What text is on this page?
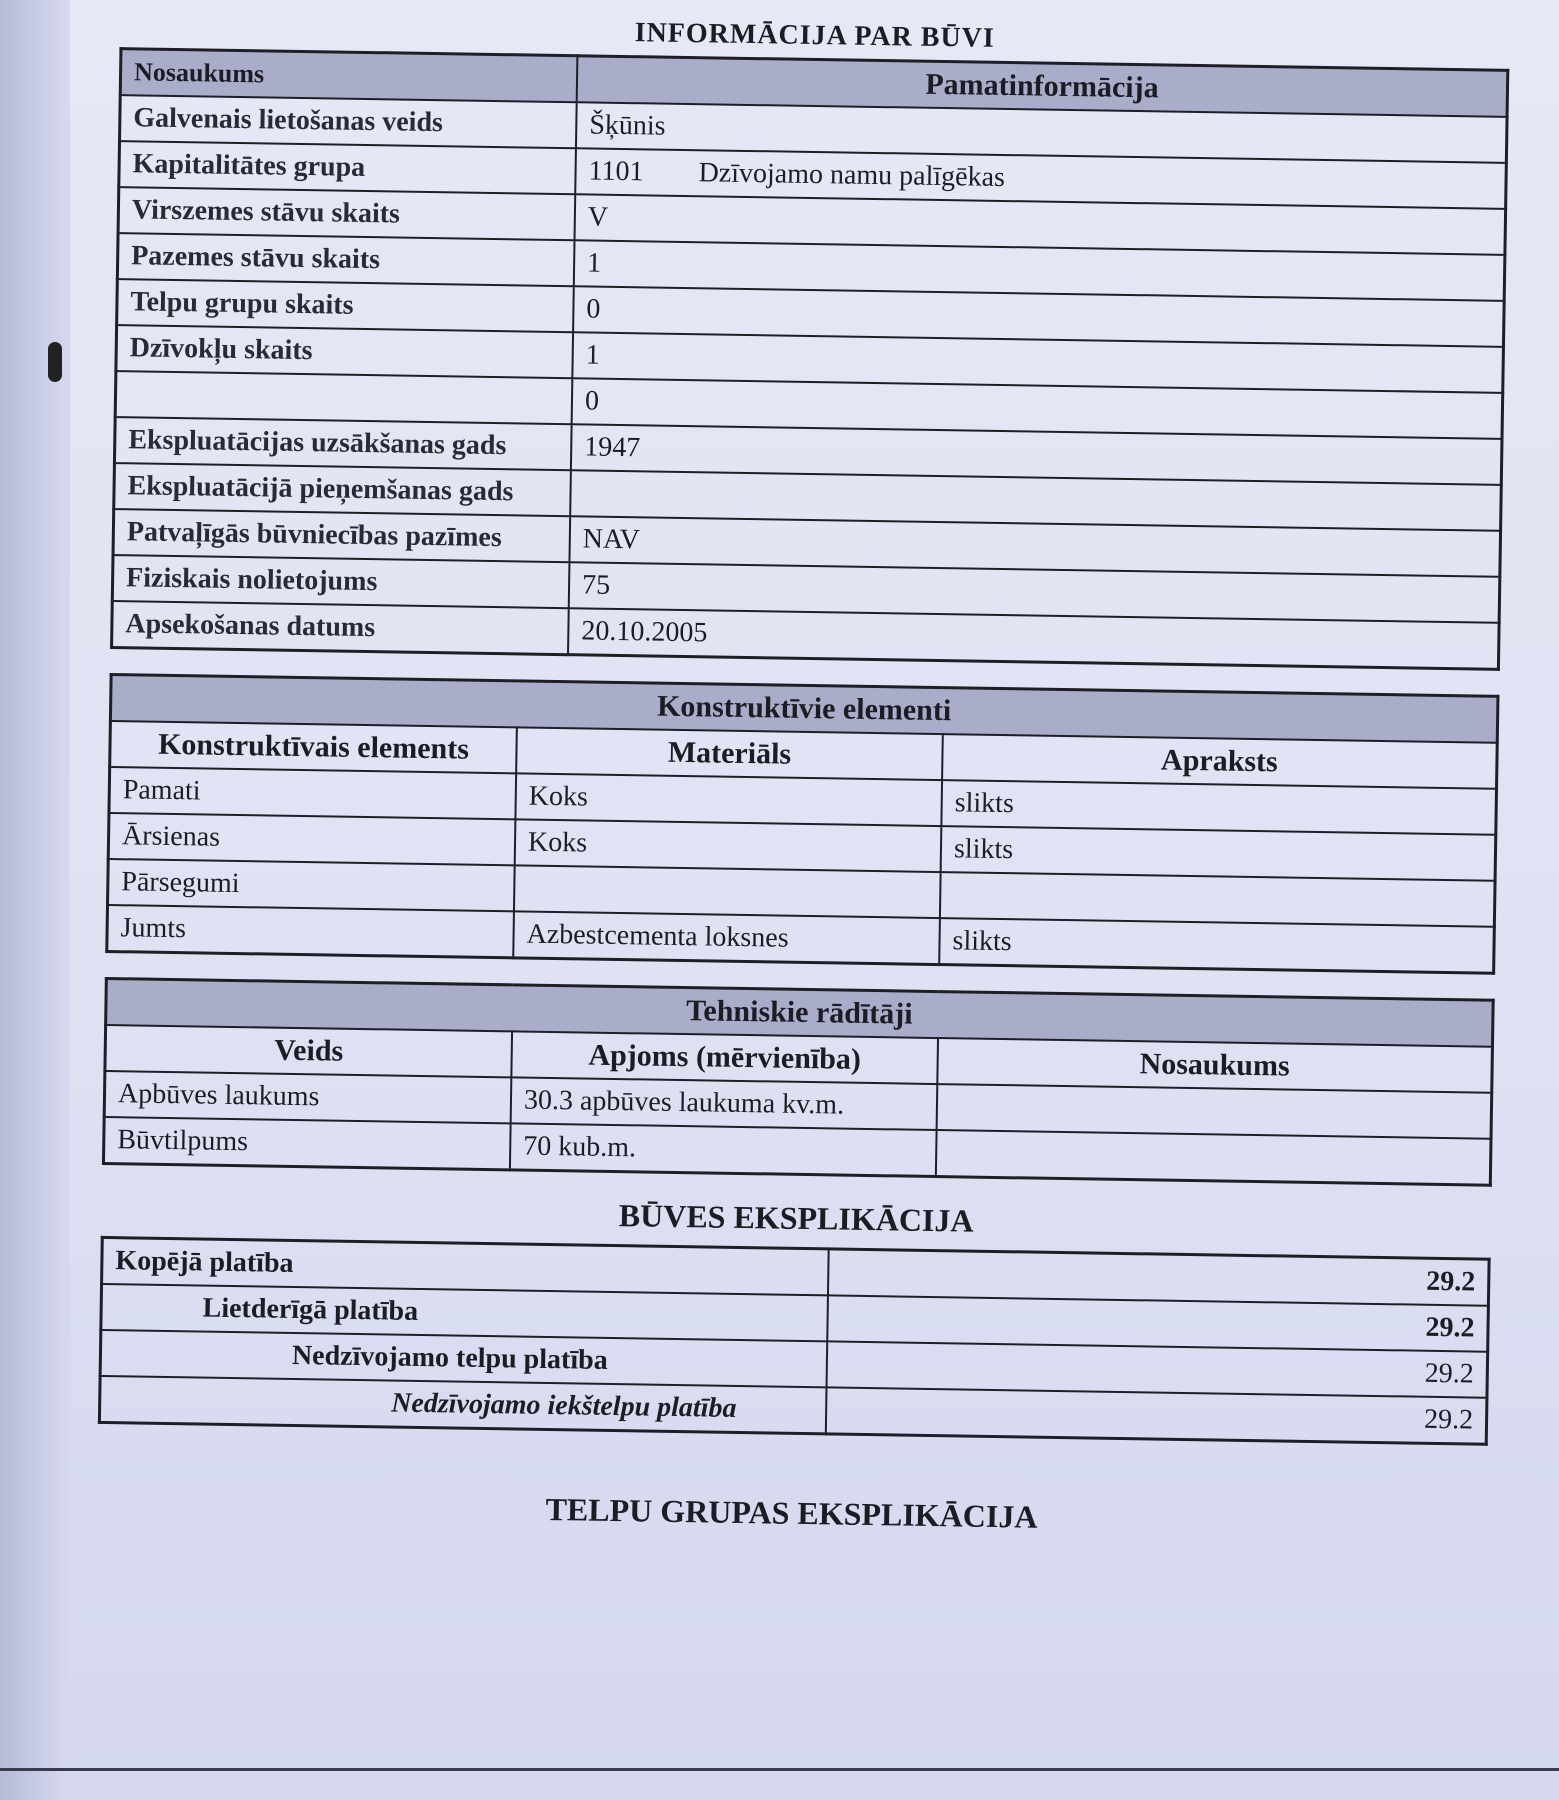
INFORMĀCIJA PAR BŪVI
Nosaukums	Pamatinformācija
Galvenais lietošanas veids	Šķūnis
Kapitalitātes grupa	1101 Dzīvojamo namu palīgēkas
Virszemes stāvu skaits	V
Pazemes stāvu skaits	1
Telpu grupu skaits	0
Dzīvokļu skaits	1
	0
Ekspluatācijas uzsākšanas gads	1947
Ekspluatācijā pieņemšanas gads	
Patvaļīgās būvniecības pazīmes	NAV
Fiziskais nolietojums	75
Apsekošanas datums	20.10.2005
Konstruktīvie elementi		
Konstruktīvais elements	Materiāls	Apraksts
Pamati	Koks	slikts
Ārsienas	Koks	slikts
Pārsegumi		
Jumts	Azbestcementa loksnes	slikts
Tehniskie rādītāji		
Veids	Apjoms (mērvienība)	Nosaukums
Apbūves laukums	30.3 apbūves laukuma kv.m.	
Būvtilpums	70 kub.m.	
BŪVES EKSPLIKĀCIJA
Kopējā platība	29.2
Lietderīgā platība	29.2
Nedzīvojamo telpu platība	29.2
Nedzīvojamo iekštelpu platība	29.2
TELPU GRUPAS EKSPLIKĀCIJA
